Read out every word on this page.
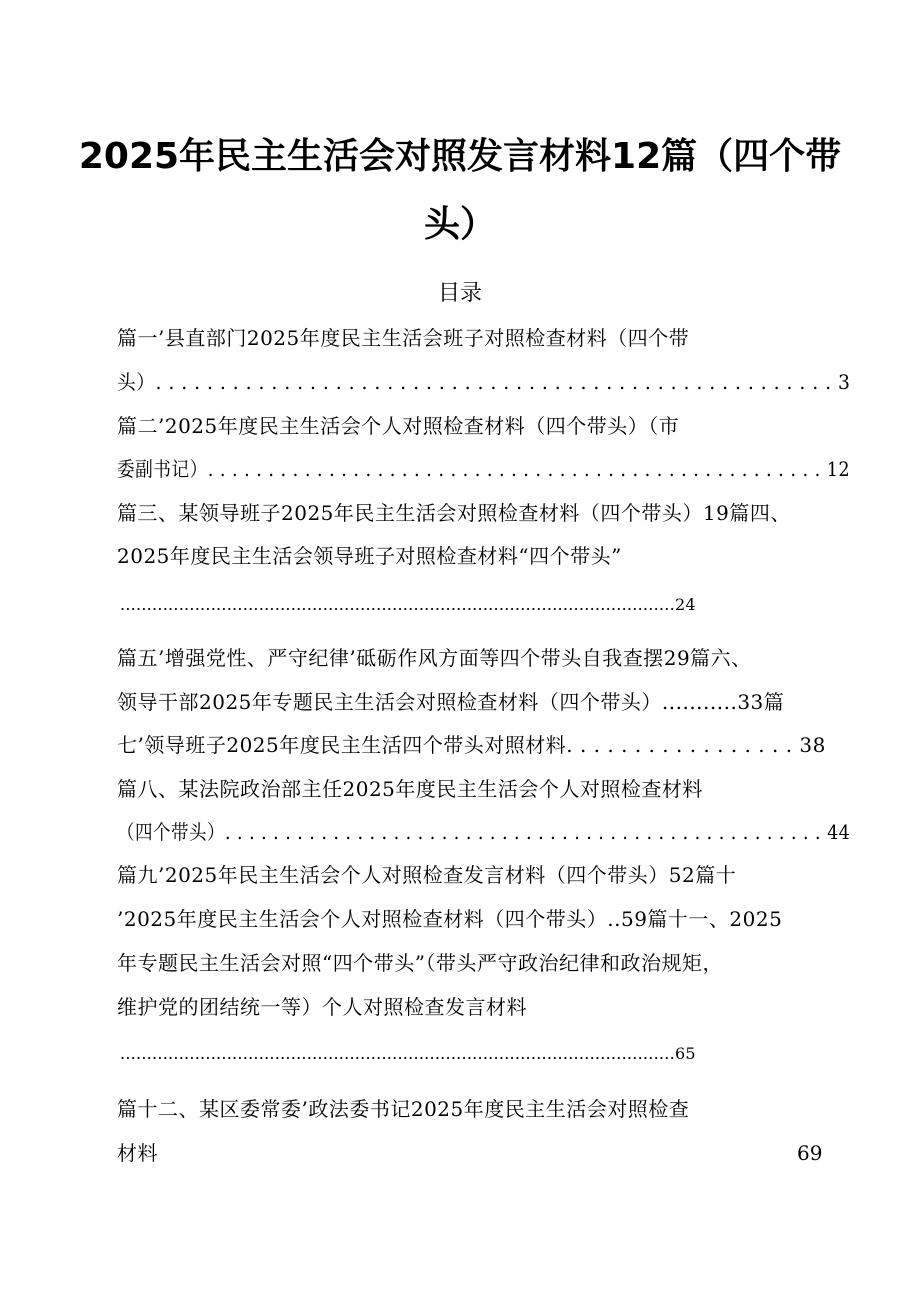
2025年民主生活会对照发言材料12篇（四个带
头）
目录
篇一’县直部门2025年度民主生活会班子对照检查材料（四个带
头）. . . . . . . . . . . . . . . . . . . . . . . . . . . . . . . . . . . . . . . . . . . . . . . . . . . . . 3
篇二’2025年度民主生活会个人对照检查材料（四个带头）（市
委副书记）. . . . . . . . . . . . . . . . . . . . . . . . . . . . . . . . . . . . . . . . . . . . . . . . . . . 12
篇三、某领导班子2025年民主生活会对照检查材料（四个带头）19篇四、
2025年度民主生活会领导班子对照检查材料“四个带头”
........................................................................................................24
篇五’增强党性、严守纪律’砥砺作风方面等四个带头自我查摆29篇六、
领导干部2025年专题民主生活会对照检查材料（四个带头）...........33篇
七’领导班子2025年度民主生活四个带头对照材料. . . . . . . . . . . . . . . . . 38
篇八、某法院政治部主任2025年度民主生活会个人对照检查材料
（四个带头）. . . . . . . . . . . . . . . . . . . . . . . . . . . . . . . . . . . . . . . . . . . . . . . . . . 44
篇九’2025年民主生活会个人对照检查发言材料（四个带头）52篇十
’2025年度民主生活会个人对照检查材料（四个带头）..59篇十一、2025
年专题民主生活会对照“四个带头”（带头严守政治纪律和政治规矩，
维护党的团结统一等）个人对照检查发言材料
........................................................................................................65
篇十二、某区委常委’政法委书记2025年度民主生活会对照检查
材料	69
